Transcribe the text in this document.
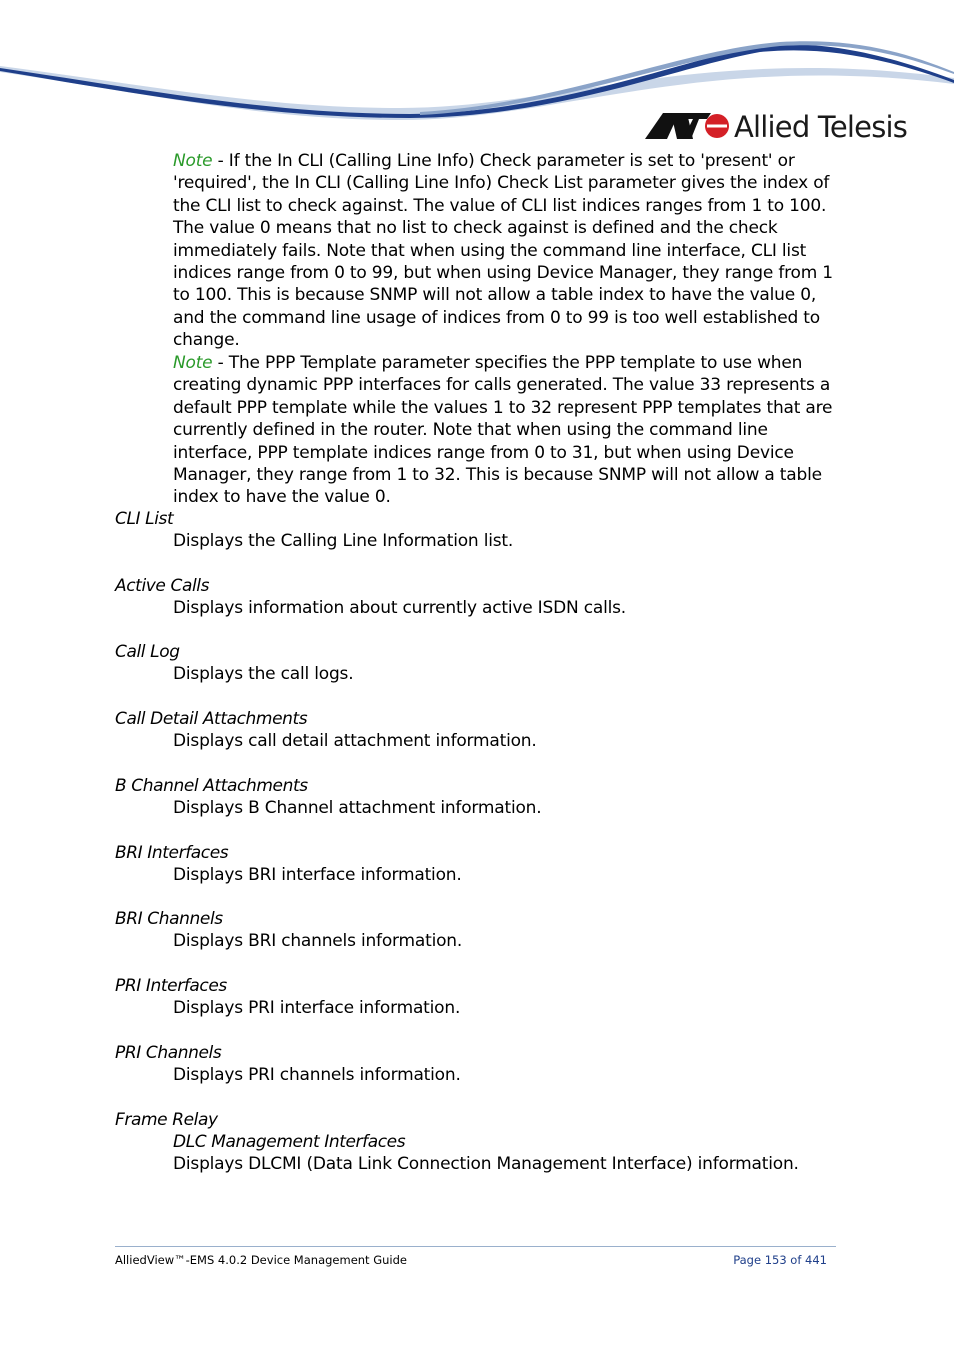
Allied Telesis

Note - If the In CLI (Calling Line Info) Check parameter is set to 'present' or 'required', the In CLI (Calling Line Info) Check List parameter gives the index of the CLI list to check against. The value of CLI list indices ranges from 1 to 100. The value 0 means that no list to check against is defined and the check immediately fails. Note that when using the command line interface, CLI list indices range from 0 to 99, but when using Device Manager, they range from 1 to 100. This is because SNMP will not allow a table index to have the value 0, and the command line usage of indices from 0 to 99 is too well established to change.

Note - The PPP Template parameter specifies the PPP template to use when creating dynamic PPP interfaces for calls generated. The value 33 represents a default PPP template while the values 1 to 32 represent PPP templates that are currently defined in the router. Note that when using the command line interface, PPP template indices range from 0 to 31, but when using Device Manager, they range from 1 to 32. This is because SNMP will not allow a table index to have the value 0.

CLI List
Displays the Calling Line Information list.
Active Calls
Displays information about currently active ISDN calls.
Call Log
Displays the call logs.
Call Detail Attachments
Displays call detail attachment information.
B Channel Attachments
Displays B Channel attachment information.
BRI Interfaces
Displays BRI interface information.
BRI Channels
Displays BRI channels information.
PRI Interfaces
Displays PRI interface information.
PRI Channels
Displays PRI channels information.
Frame Relay
DLC Management Interfaces
Displays DLCMI (Data Link Connection Management Interface) information.
AlliedView™-EMS 4.0.2 Device Management Guide	Page 153 of 441
